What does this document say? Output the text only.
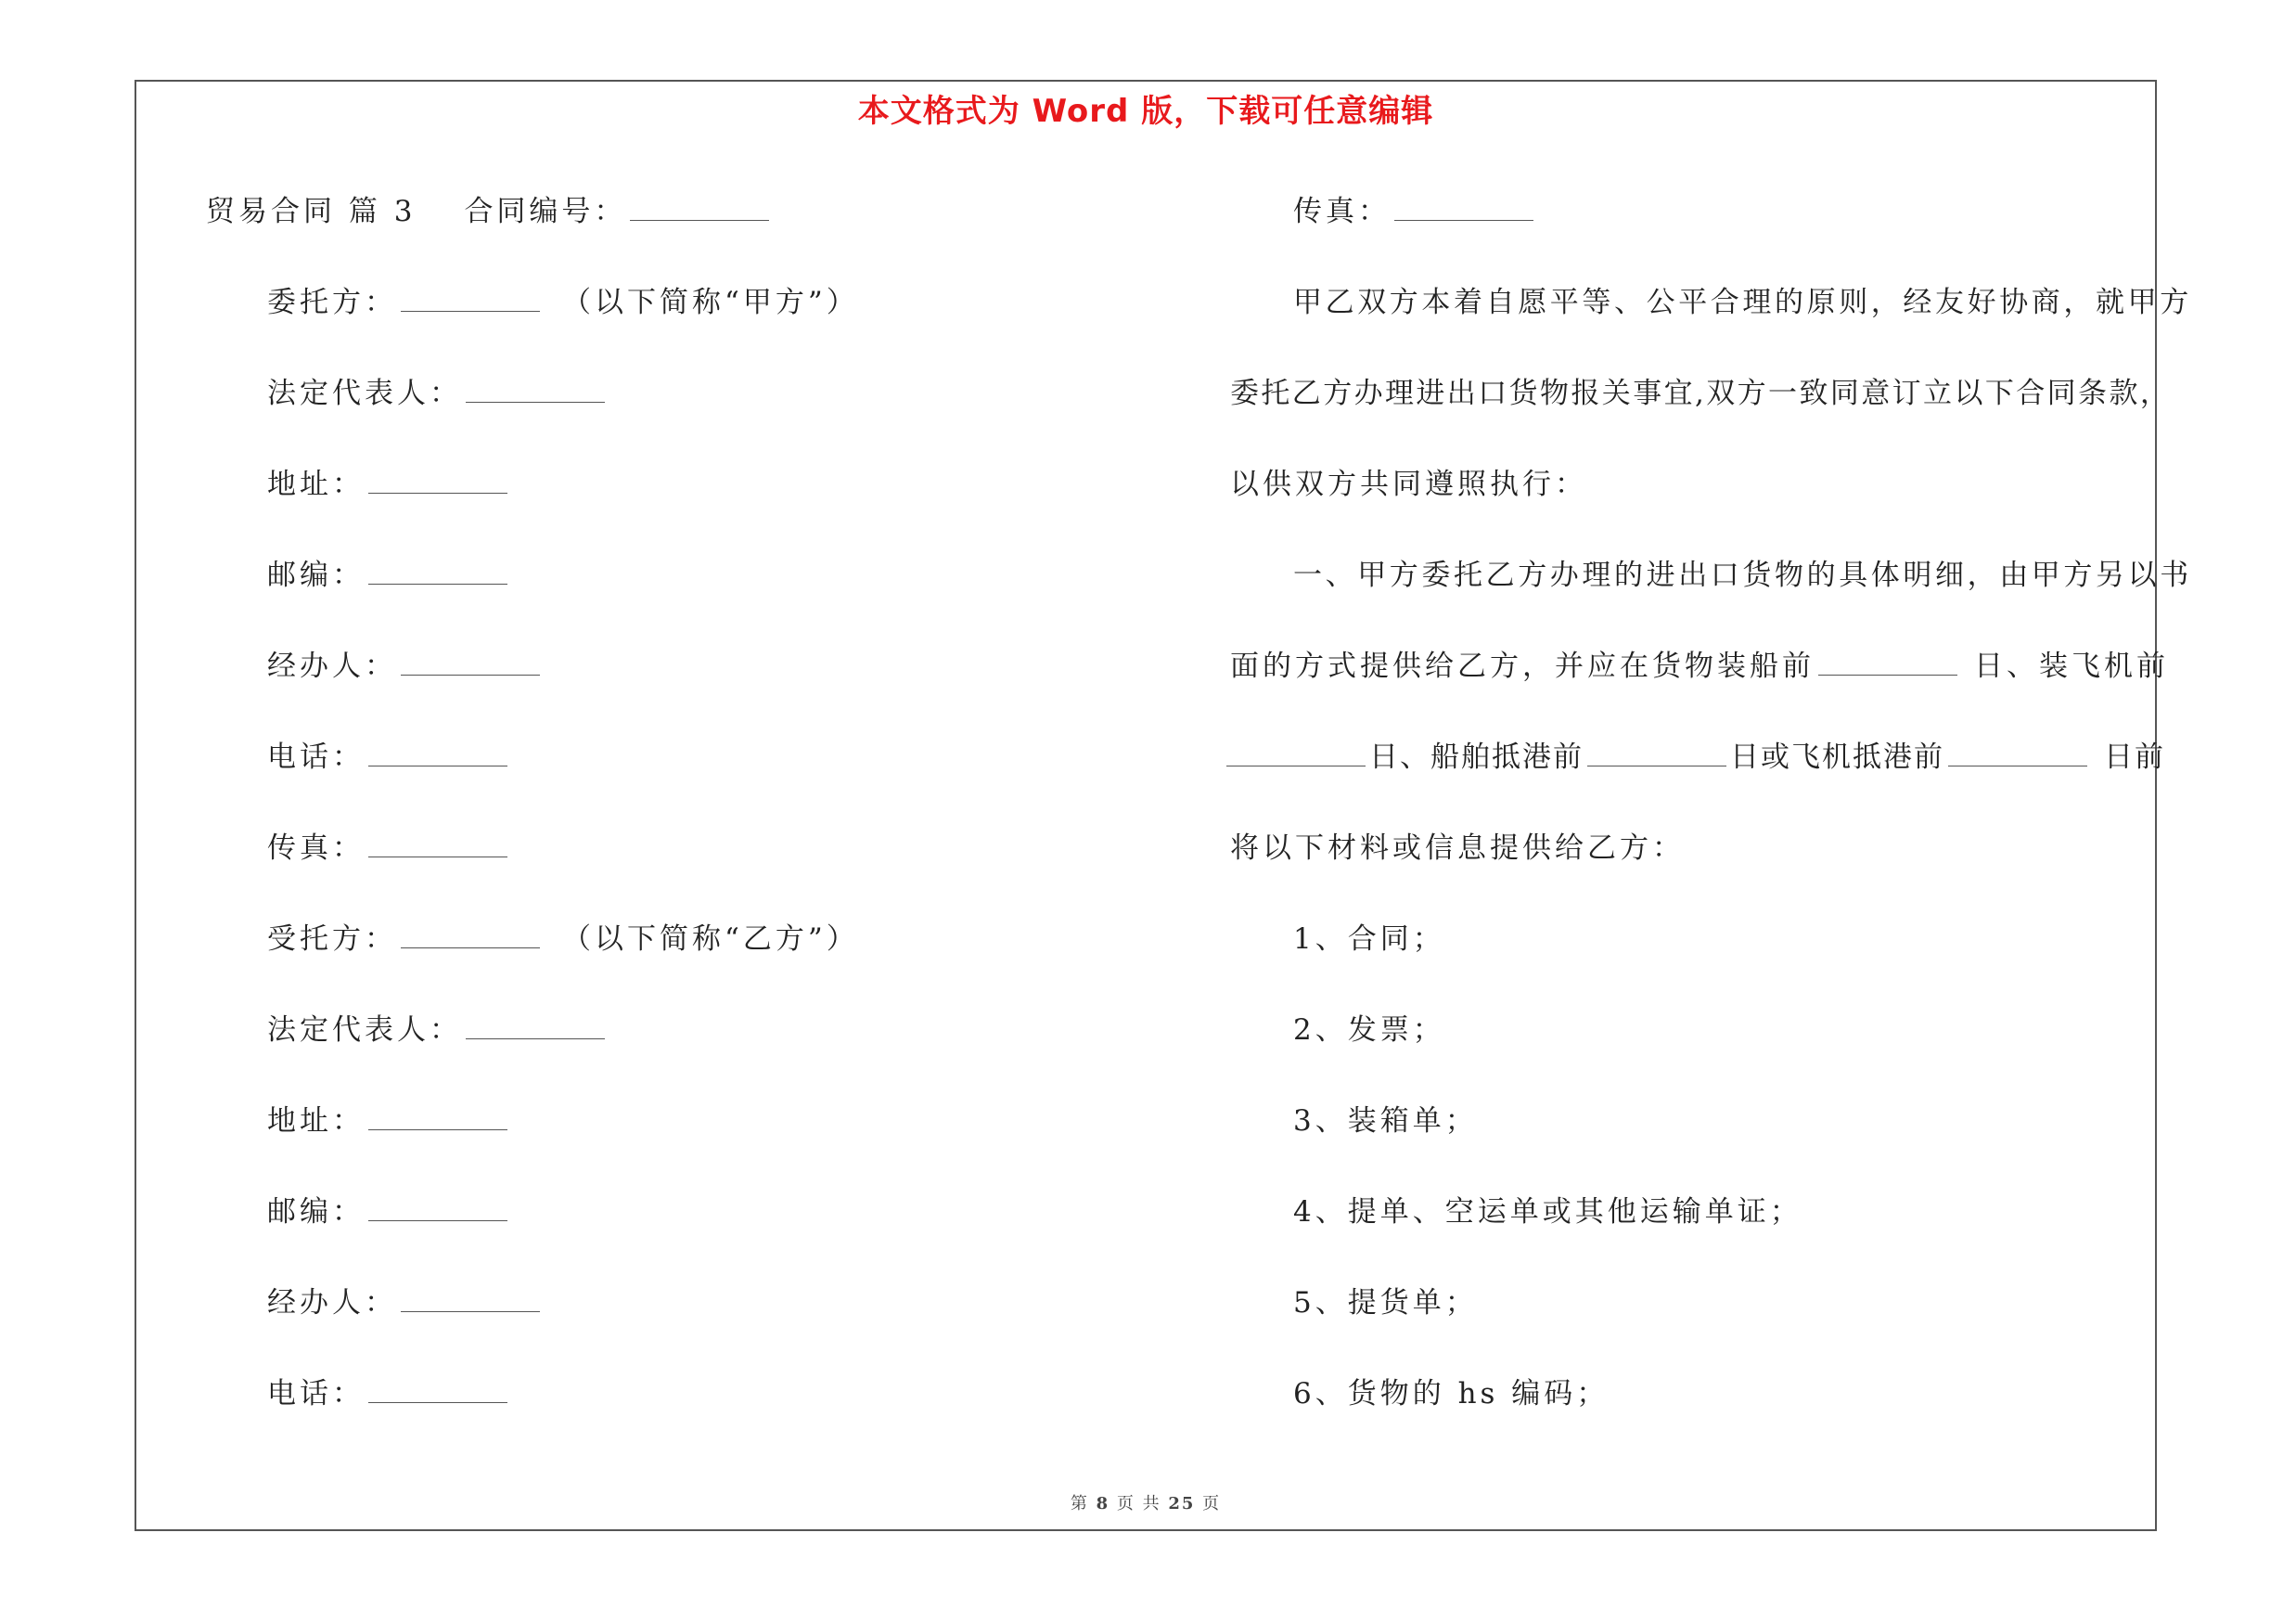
本文格式为 Word 版，下载可任意编辑
贸易合同 篇 3 合同编号：
委托方：	（以下简称“甲方”）
法定代表人：
地址：
邮编：
经办人：
电话：
传真：
受托方：	（以下简称“乙方”）
法定代表人：
地址：
邮编：
经办人：
电话：
传真：
甲乙双方本着自愿平等、公平合理的原则，经友好协商，就甲方
委托乙方办理进出口货物报关事宜,双方一致同意订立以下合同条款，
以供双方共同遵照执行：
一、甲方委托乙方办理的进出口货物的具体明细，由甲方另以书
面的方式提供给乙方，并应在货物装船前	日、装飞机前
日、船舶抵港前	日或飞机抵港前	日前
将以下材料或信息提供给乙方：
1、合同；
2、发票；
3、装箱单；
4、提单、空运单或其他运输单证；
5、提货单；
6、货物的 hs 编码；
第 8 页 共 25 页
